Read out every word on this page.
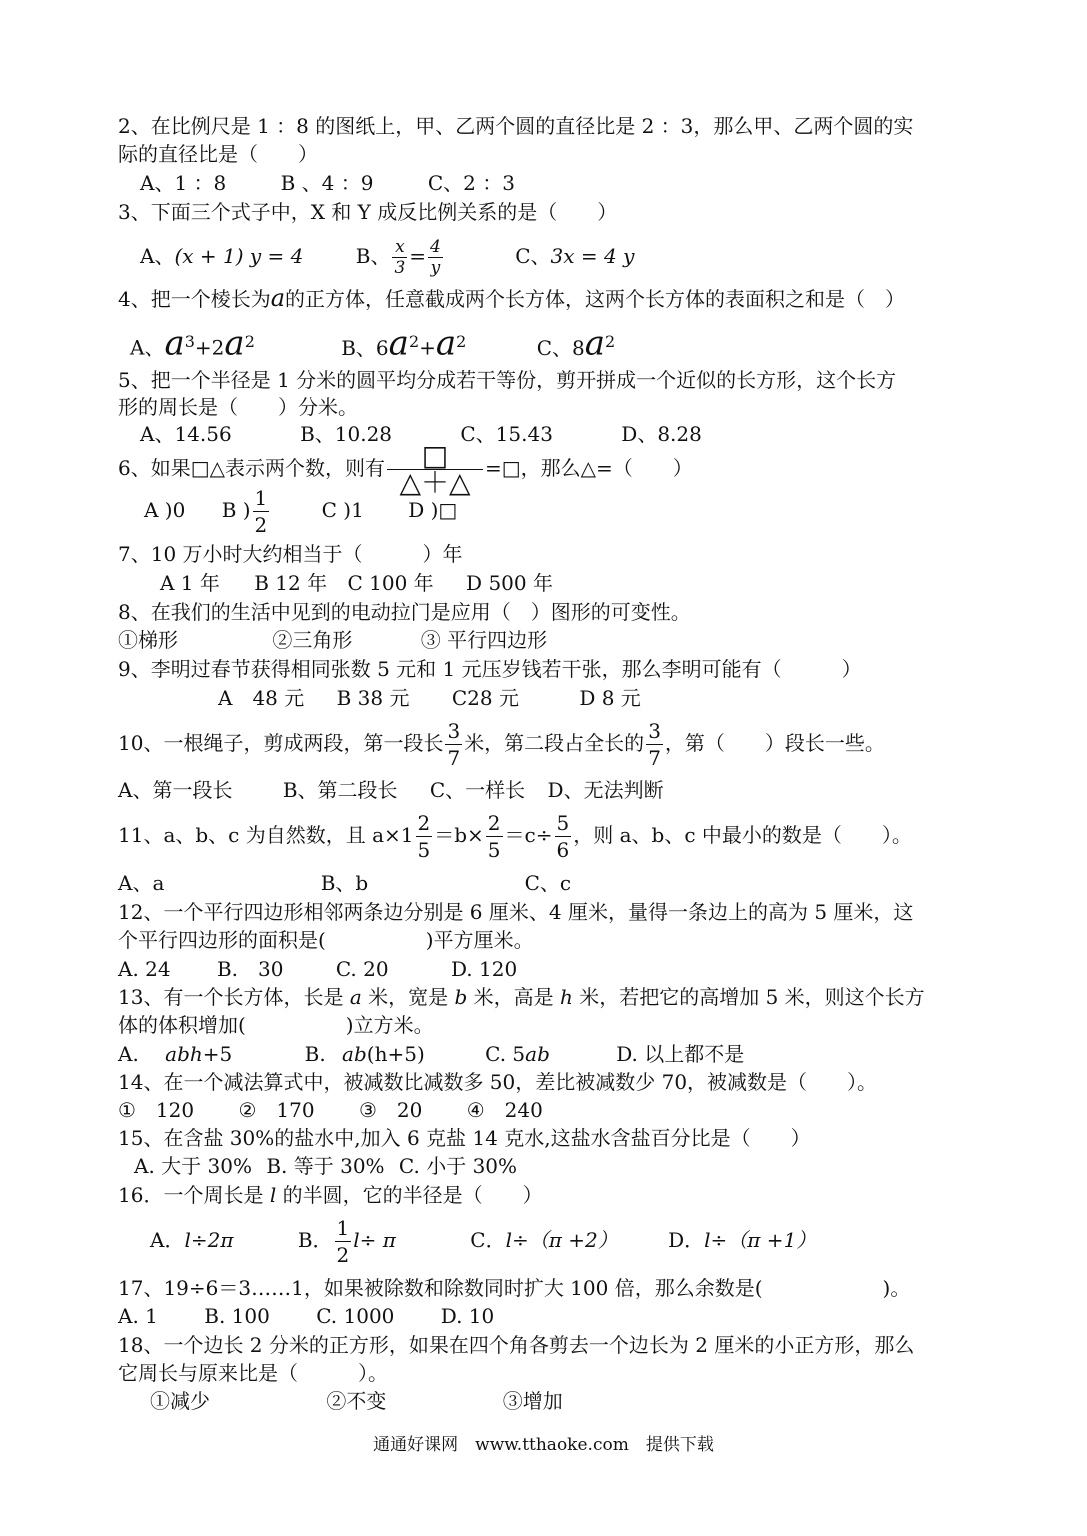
2、在比例尺是 1 ：8 的图纸上，甲、乙两个圆的直径比是 2 ：3，那么甲、乙两个圆的实
际的直径比是（　　）
A、1 ：8	B 、4 ：9	C、2 ：3
3、下面三个式子中，X 和 Y 成反比例关系的是（　　）
A、(x + 1) y = 4	B、 $\frac{x}{3} = \frac{4}{y}$	C、3x = 4 y
4、把一个棱长为a的正方体，任意截成两个长方体，这两个长方体的表面积之和是（　）
A、$a^3+2a^2$	B、$6a^2+a^2$	C、$8a^2$
5、把一个半径是 1 分米的圆平均分成若干等份，剪开拼成一个近似的长方形，这个长方
形的周长是（　　）分米。
A、14.56	B、10.28	C、15.43	D、8.28
6、如果□△表示两个数，则有 $\frac{□}{\triangle+\triangle}$ =□，那么△=（　　）
A )0 B ) $\frac{1}{2}$	C )1 D )□
7、10 万小时大约相当于（　　　）年
A 1 年 B 12 年 C 100 年 D 500 年
8、在我们的生活中见到的电动拉门是应用（　）图形的可变性。
①梯形	②三角形	③ 平行四边形
9、李明过春节获得相同张数 5 元和 1 元压岁钱若干张，那么李明可能有（　　　）
A　48 元 B 38 元 C28 元	D 8 元
10、一根绳子，剪成两段，第一段长 $\frac{3}{7}$ 米，第二段占全长的 $\frac{3}{7}$ ，第（　　）段长一些。
A、第一段长	B、第二段长 C、一样长 D、无法判断
11、a、b、c 为自然数，且 $a\times 1 \frac{2}{5} =b\times \frac{2}{5} =c\div \frac{5}{6}$ ，则 a、b、c 中最小的数是（　　）。
A、a	B、b	C、c
12、一个平行四边形相邻两条边分别是 6 厘米、4 厘米，量得一条边上的高为 5 厘米，这
个平行四边形的面积是(　　　　　)平方厘米。
A. 24 B.　30	C. 20	D. 120
13、有一个长方体，长是 a 米，宽是 b 米，高是 h 米，若把它的高增加 5 米，则这个长方
体的体积增加(　　　　　)立方米。
A. abh+5	B. ab(h+5)	C. 5ab	D. 以上都不是
14、在一个减法算式中，被减数比减数多 50，差比被减数少 70，被减数是（　　）。
①　120 ②　170 ③　20 ④　240
15、在含盐 30%的盐水中,加入 6 克盐 14 克水,这盐水含盐百分比是（　　）
A. 大于 30% B. 等于 30% C. 小于 30%
16．一个周长是 l 的半圆，它的半径是（　　）
A．l÷2π	B． $\frac{1}{2} l\div \pi$	C．l÷（π +2）	D．l÷（π +1）
17、19÷6＝3……1，如果被除数和除数同时扩大 100 倍，那么余数是(　　　　　　)。
A. 1 B. 100 C. 1000 D. 10
18、一个边长 2 分米的正方形，如果在四个角各剪去一个边长为 2 厘米的小正方形，那么
它周长与原来比是（　　　）。
①减少	②不变	③增加
通通好课网　www.tthaoke.com　提供下载
